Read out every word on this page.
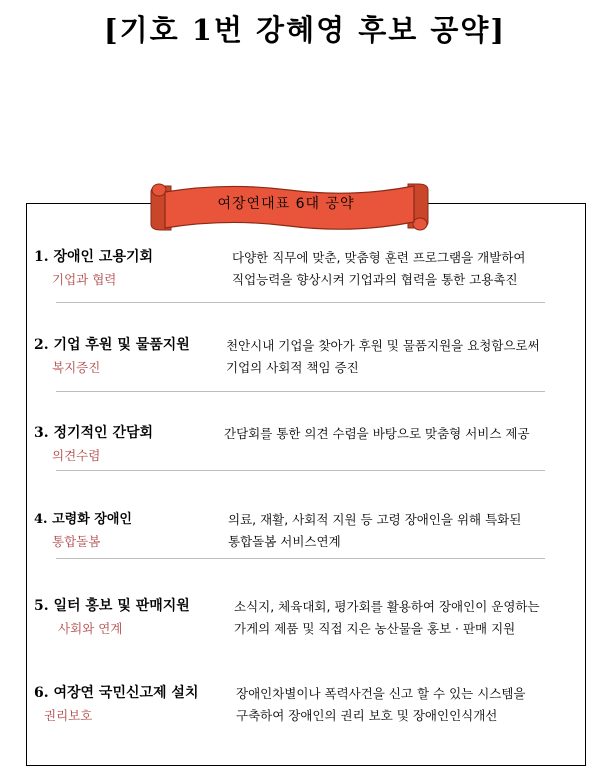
[기호 1번 강혜영 후보 공약]
여장연대표 6대 공약
1. 장애인 고용기회
기업과 협력
다양한 직무에 맞춘, 맞춤형 훈련 프로그램을 개발하여
직업능력을 향상시켜 기업과의 협력을 통한 고용촉진
2. 기업 후원 및 물품지원
복지증진
천안시내 기업을 찾아가 후원 및 물품지원을 요청함으로써
기업의 사회적 책임 증진
3. 정기적인 간담회
의견수렴
간담회를 통한 의견 수렴을 바탕으로 맞춤형 서비스 제공
4. 고령화 장애인
통합돌봄
의료, 재활, 사회적 지원 등 고령 장애인을 위해 특화된
통합돌봄 서비스연계
5. 일터 홍보 및 판매지원
사회와 연계
소식지, 체육대회, 평가회를 활용하여 장애인이 운영하는
가게의 제품 및 직접 지은 농산물을 홍보 · 판매 지원
6. 여장연 국민신고제 설치
권리보호
장애인차별이나 폭력사건을 신고 할 수 있는 시스템을
구축하여 장애인의 권리 보호 및 장애인인식개선
